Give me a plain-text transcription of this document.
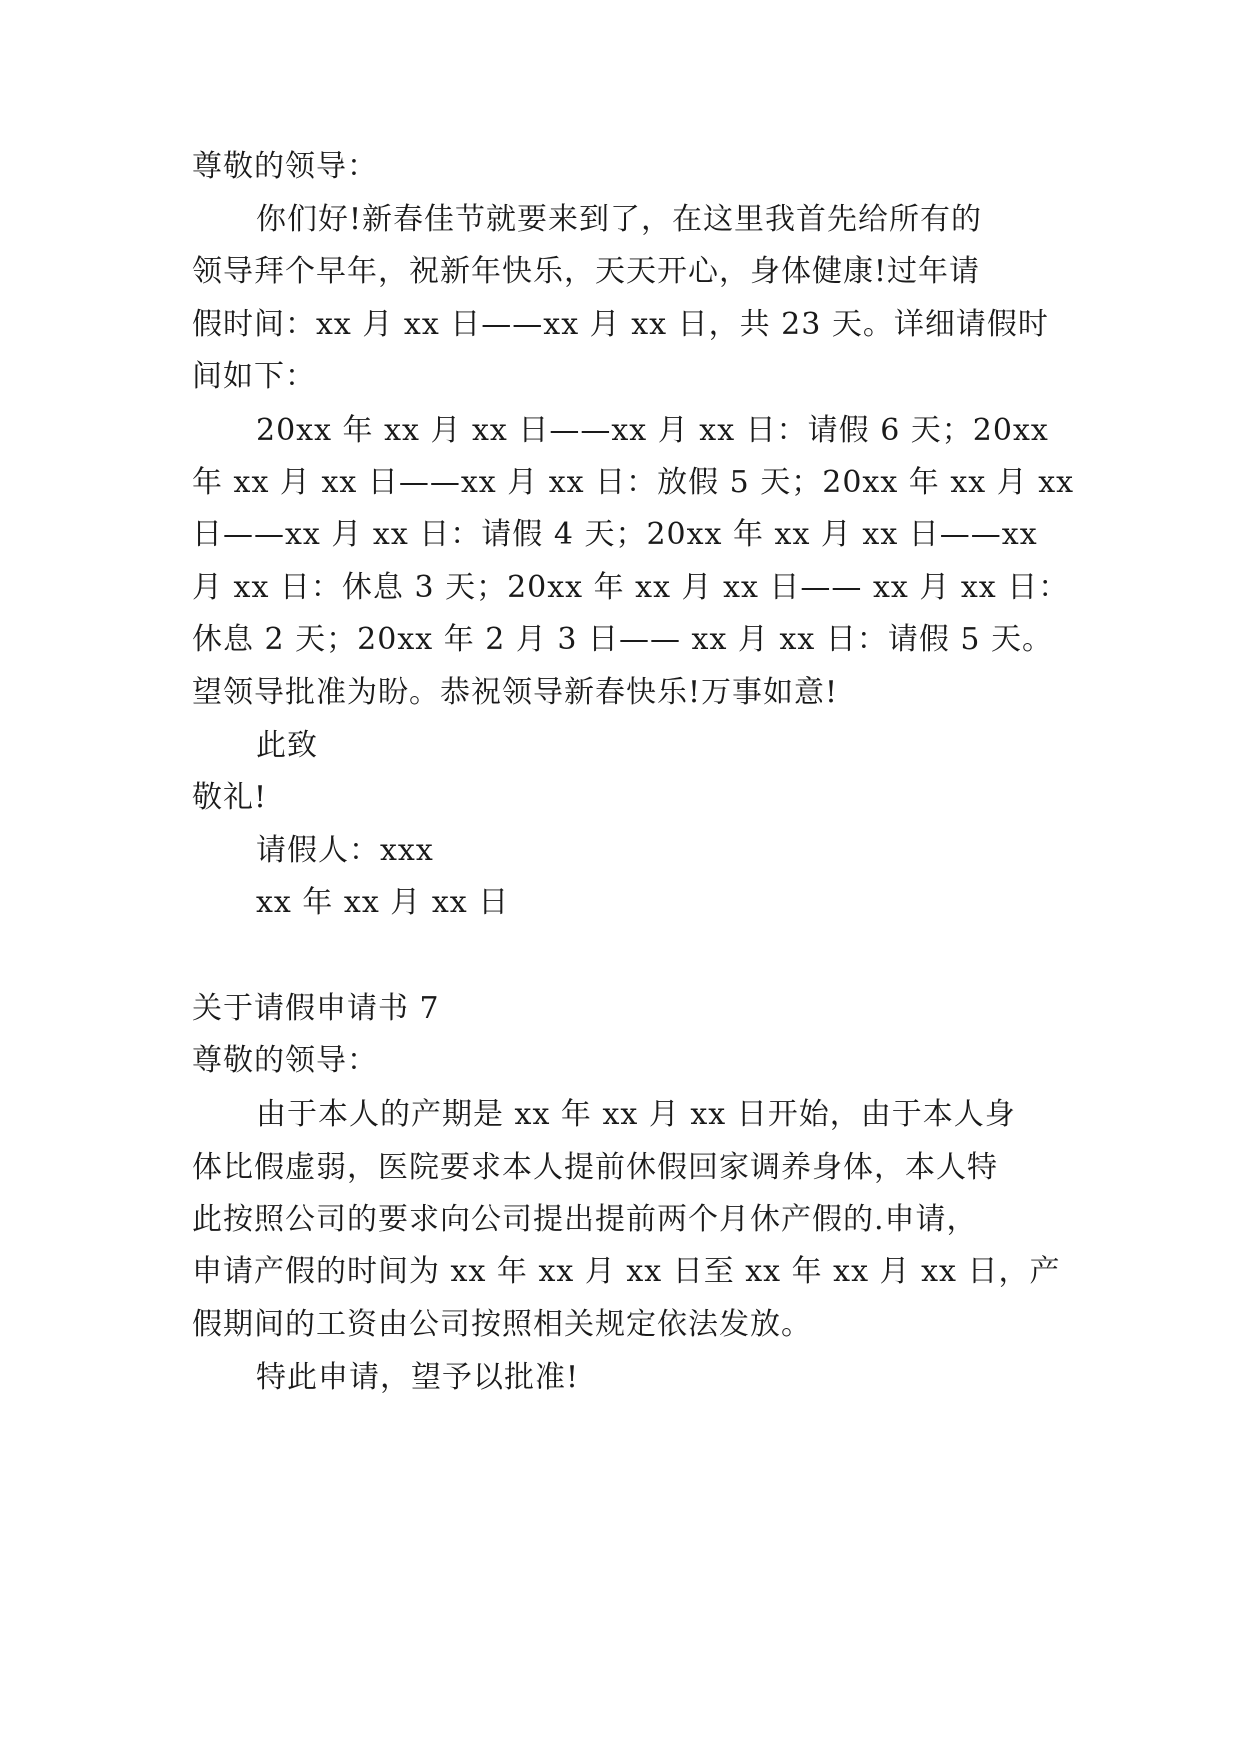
尊敬的领导：
你们好!新春佳节就要来到了，在这里我首先给所有的
领导拜个早年，祝新年快乐，天天开心，身体健康!过年请
假时间：xx 月 xx 日——xx 月 xx 日，共 23 天。详细请假时
间如下：
20xx 年 xx 月 xx 日——xx 月 xx 日：请假 6 天；20xx
年 xx 月 xx 日——xx 月 xx 日：放假 5 天；20xx 年 xx 月 xx
日——xx 月 xx 日：请假 4 天；20xx 年 xx 月 xx 日——xx
月 xx 日：休息 3 天；20xx 年 xx 月 xx 日—— xx 月 xx 日：
休息 2 天；20xx 年 2 月 3 日—— xx 月 xx 日：请假 5 天。
望领导批准为盼。恭祝领导新春快乐!万事如意!
此致
敬礼!
请假人：xxx
xx 年 xx 月 xx 日
关于请假申请书 7
尊敬的领导：
由于本人的产期是 xx 年 xx 月 xx 日开始，由于本人身
体比假虚弱，医院要求本人提前休假回家调养身体，本人特
此按照公司的要求向公司提出提前两个月休产假的.申请，
申请产假的时间为 xx 年 xx 月 xx 日至 xx 年 xx 月 xx 日，产
假期间的工资由公司按照相关规定依法发放。
特此申请，望予以批准!
